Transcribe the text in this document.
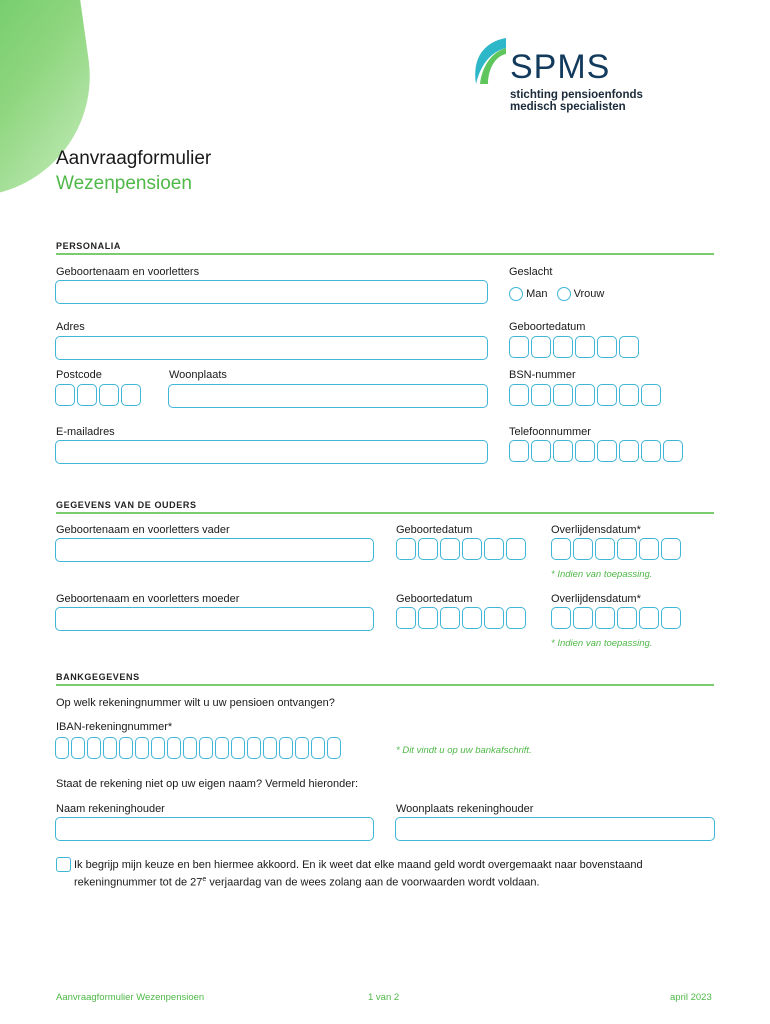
SPMS
stichting pensioenfonds
medisch specialisten
Aanvraagformulier
Wezenpensioen
PERSONALIA
Geboortenaam en voorletters	Geslacht
Man Vrouw
Adres	Geboortedatum
Postcode	Woonplaats	BSN-nummer
E-mailadres	Telefoonnummer
GEGEVENS VAN DE OUDERS
Geboortenaam en voorletters vader	Geboortedatum	Overlijdensdatum*
* Indien van toepassing.
Geboortenaam en voorletters moeder	Geboortedatum	Overlijdensdatum*
* Indien van toepassing.
BANKGEGEVENS
Op welk rekeningnummer wilt u uw pensioen ontvangen?
IBAN-rekeningnummer*
* Dit vindt u op uw bankafschrift.
Staat de rekening niet op uw eigen naam? Vermeld hieronder:
Naam rekeninghouder	Woonplaats rekeninghouder
Ik begrijp mijn keuze en ben hiermee akkoord. En ik weet dat elke maand geld wordt overgemaakt naar bovenstaand
rekeningnummer tot de 27e verjaardag van de wees zolang aan de voorwaarden wordt voldaan.
Aanvraagformulier Wezenpensioen	1 van 2	april 2023
